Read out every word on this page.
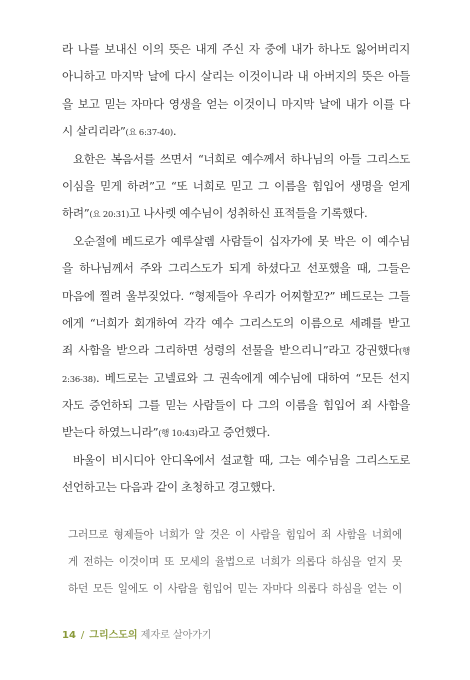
라 나를 보내신 이의 뜻은 내게 주신 자 중에 내가 하나도 잃어버리지
아니하고 마지막 날에 다시 살리는 이것이니라 내 아버지의 뜻은 아들
을 보고 믿는 자마다 영생을 얻는 이것이니 마지막 날에 내가 이를 다
시 살리리라”(요 6:37-40).
요한은 복음서를 쓰면서 “너희로 예수께서 하나님의 아들 그리스도
이심을 믿게 하려”고 “또 너희로 믿고 그 이름을 힘입어 생명을 얻게
하려”(요 20:31)고 나사렛 예수님이 성취하신 표적들을 기록했다.
오순절에 베드로가 예루살렘 사람들이 십자가에 못 박은 이 예수님
을 하나님께서 주와 그리스도가 되게 하셨다고 선포했을 때, 그들은
마음에 찔려 울부짖었다. “형제들아 우리가 어찌할꼬?” 베드로는 그들
에게 “너희가 회개하여 각각 예수 그리스도의 이름으로 세례를 받고
죄 사함을 받으라 그리하면 성령의 선물을 받으리니”라고 강권했다(행
2:36-38). 베드로는 고넬료와 그 권속에게 예수님에 대하여 “모든 선지
자도 증언하되 그를 믿는 사람들이 다 그의 이름을 힘입어 죄 사함을
받는다 하였느니라”(행 10:43)라고 증언했다.
바울이 비시디아 안디옥에서 설교할 때, 그는 예수님을 그리스도로
선언하고는 다음과 같이 초청하고 경고했다.
그러므로 형제들아 너희가 알 것은 이 사람을 힘입어 죄 사함을 너희에
게 전하는 이것이며 또 모세의 율법으로 너희가 의롭다 하심을 얻지 못
하던 모든 일에도 이 사람을 힘입어 믿는 자마다 의롭다 하심을 얻는 이
14 / 그리스도의 제자로 살아가기
